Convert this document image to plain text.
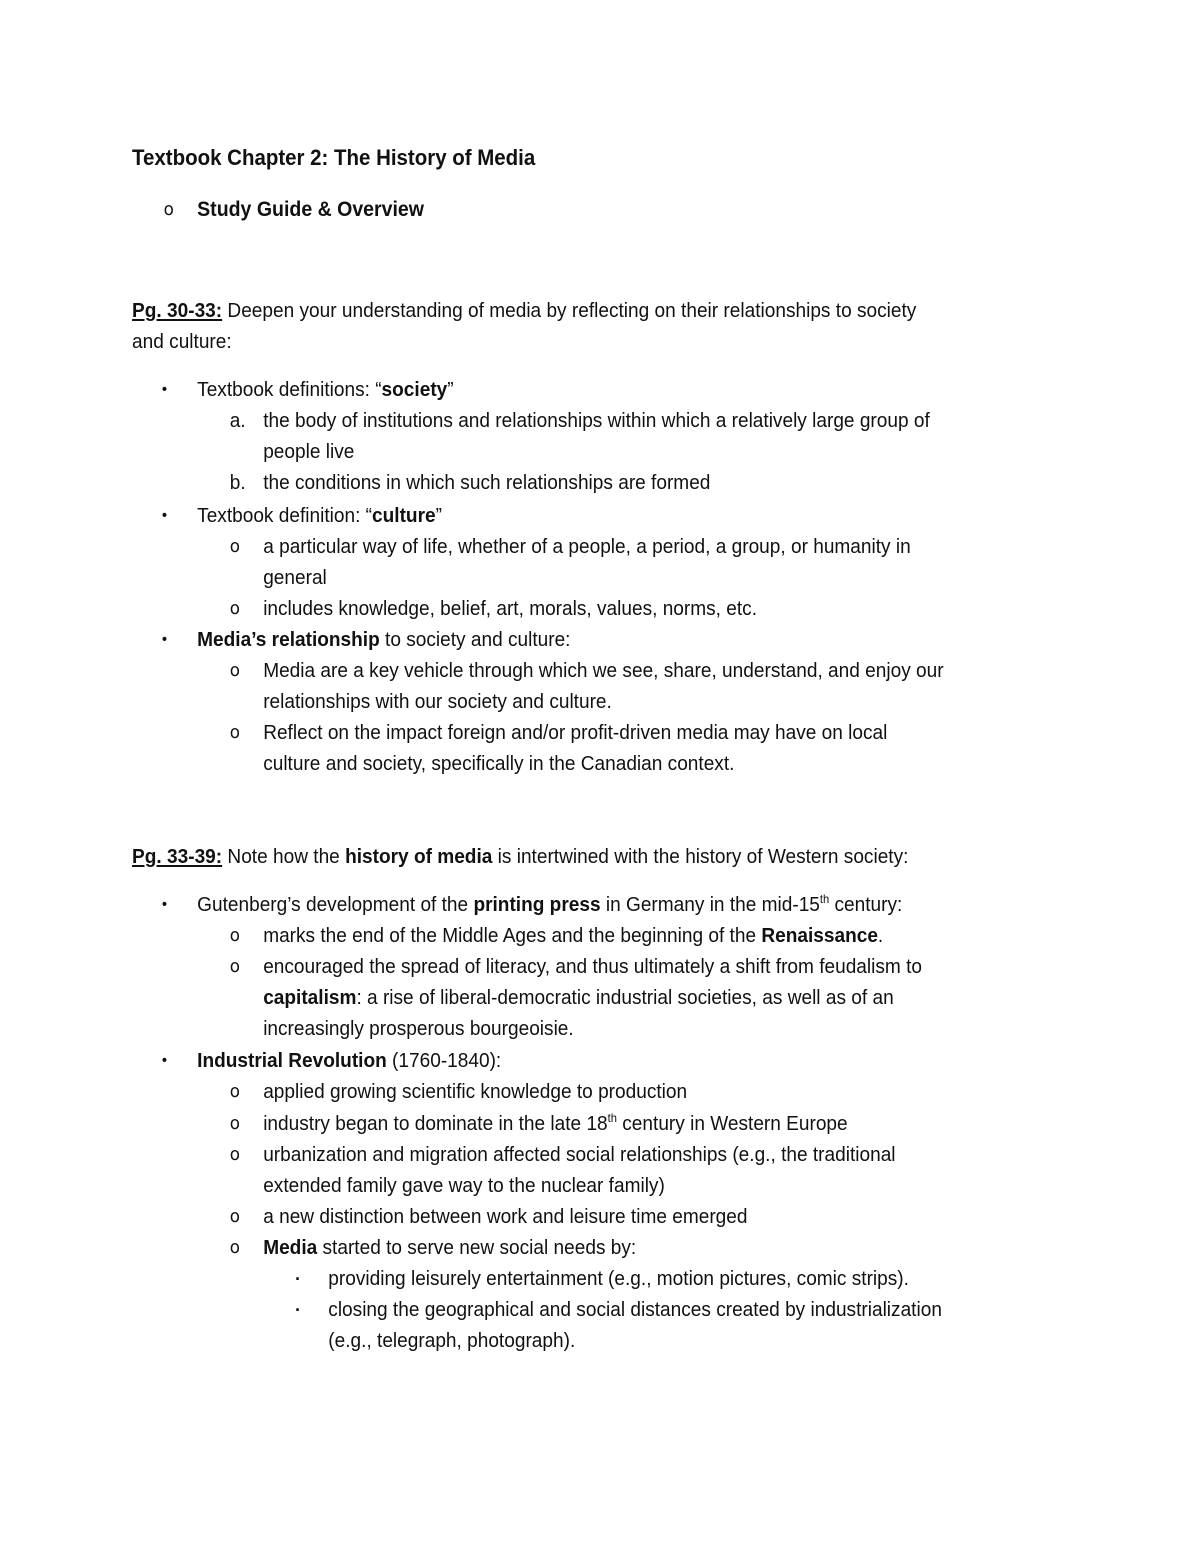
Textbook Chapter 2: The History of Media
o Study Guide & Overview
Pg. 30-33: Deepen your understanding of media by reflecting on their relationships to society
and culture:
• Textbook definitions: “society”
a. the body of institutions and relationships within which a relatively large group of
people live
b. the conditions in which such relationships are formed
• Textbook definition: “culture”
o a particular way of life, whether of a people, a period, a group, or humanity in
general
o includes knowledge, belief, art, morals, values, norms, etc.
• Media’s relationship to society and culture:
o Media are a key vehicle through which we see, share, understand, and enjoy our
relationships with our society and culture.
o Reflect on the impact foreign and/or profit-driven media may have on local
culture and society, specifically in the Canadian context.
Pg. 33-39: Note how the history of media is intertwined with the history of Western society:
• Gutenberg’s development of the printing press in Germany in the mid-15th century:
o marks the end of the Middle Ages and the beginning of the Renaissance.
o encouraged the spread of literacy, and thus ultimately a shift from feudalism to
capitalism: a rise of liberal-democratic industrial societies, as well as of an
increasingly prosperous bourgeoisie.
• Industrial Revolution (1760-1840):
o applied growing scientific knowledge to production
o industry began to dominate in the late 18th century in Western Europe
o urbanization and migration affected social relationships (e.g., the traditional
extended family gave way to the nuclear family)
o a new distinction between work and leisure time emerged
o Media started to serve new social needs by:
▪ providing leisurely entertainment (e.g., motion pictures, comic strips).
▪ closing the geographical and social distances created by industrialization
(e.g., telegraph, photograph).
